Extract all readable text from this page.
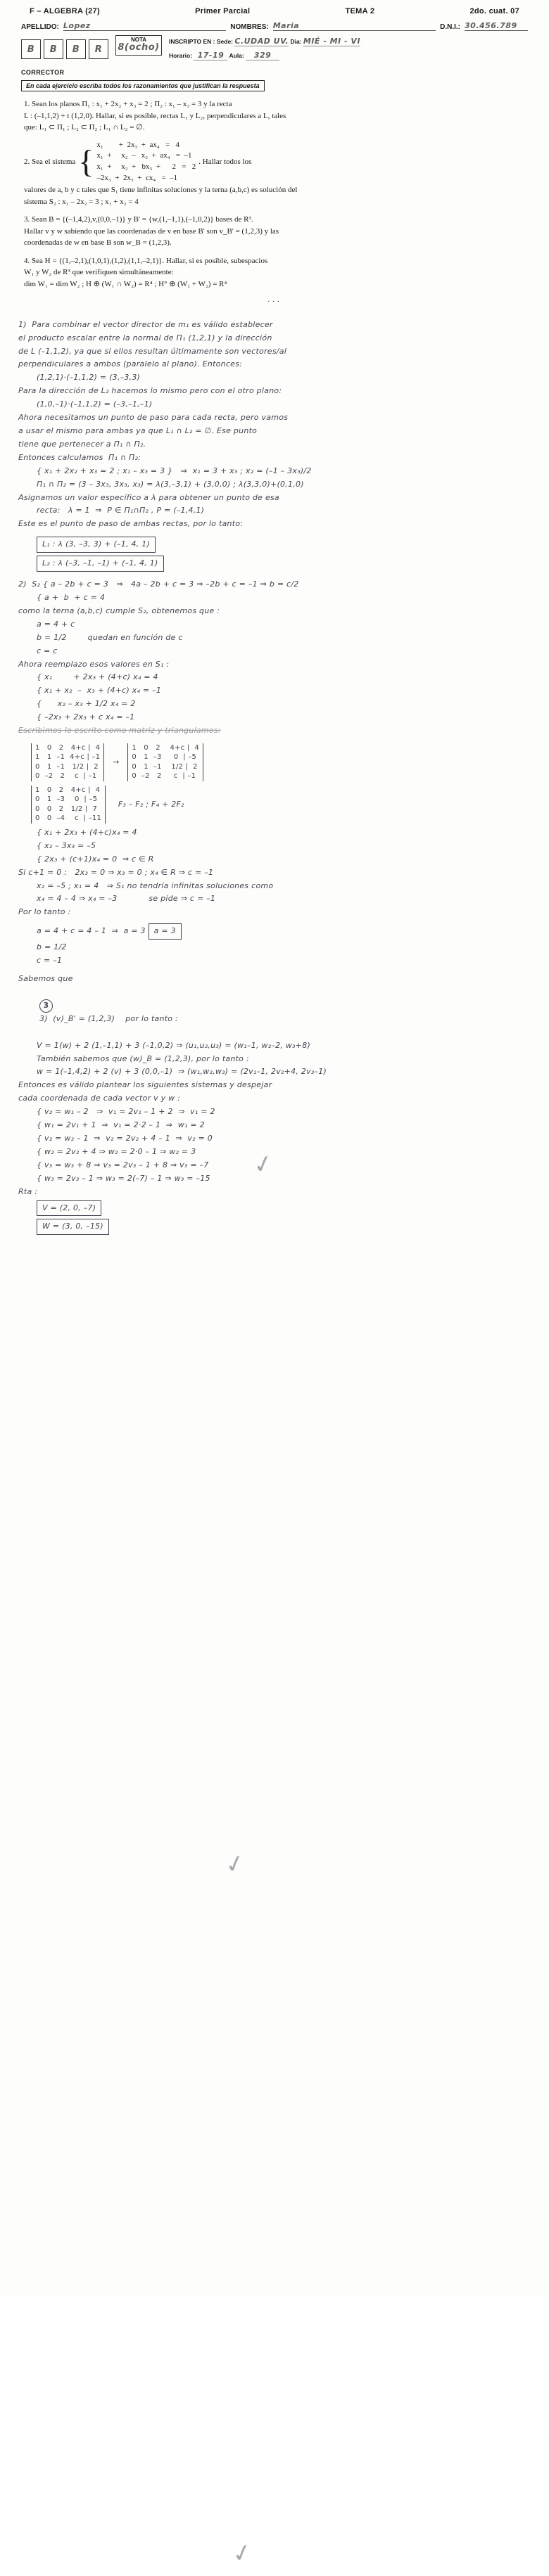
F – ALGEBRA (27)	Primer Parcial	TEMA 2	2do. cuat. 07
APELLIDO: Lopez	NOMBRES: Maria	D.N.I.: 30.456.789
B B B R
NOTA
8(ocho)
INSCRIPTO EN : Sede: C.UDAD UV. Dia: MIÉ - MI - VI
Horario: 17-19 Aula: 329
CORRECTOR
En cada ejercicio escriba todos los razonamientos que justifican la respuesta
1. Sean los planos Π₁ : x₁ + 2x₂ + x₃ = 2 ; Π₂ : x₁ – x₃ = 3 y la recta
L : (–1,1,2) + t (1,2,0). Hallar, si es posible, rectas L₁ y L₂, perpendiculares a L, tales
que: L₁ ⊂ Π₁ ; L₂ ⊂ Π₂ ; L₁ ∩ L₂ = ∅.
2. Sea el sistema { x₁        +  2x₃  +  ax₄   =   4
x₁  +     x₂  –   x₃  +  ax₄   =  –1
x₁  +     x₂  +   bx₃  +      2   =   2
–2x₃  +  2x₃  +  cx₄   =  –1
. Hallar todos los
valores de a, b y c tales que S₁ tiene infinitas soluciones y la terna (a,b,c) es solución del
sistema S₂ : x₁ – 2x₂ = 3 ; x₁ + x₂ = 4
3. Sean B = {(–1,4,2),v,(0,0,–1)} y B' = {w,(1,–1,1),(–1,0,2)} bases de R³.
Hallar v y w sabiendo que las coordenadas de v en base B' son v_B' = (1,2,3) y las
coordenadas de w en base B son w_B = (1,2,3).
4. Sea H = {(1,–2,1),(1,0,1),(1,2),(1,1,–2,1)}. Hallar, si es posible, subespacios
W₁ y W₂ de R³ que verifiquen simultáneamente:
dim W₁ = dim W₂ ; H ⊕ (W₁ ∩ W₂) = R⁴ ; H° ⊕ (W₁ + W₂) = R⁴
···
1)  Para combinar el vector director de m₁ es válido establecer
el producto escalar entre la normal de Π₁ (1,2,1) y la dirección
de L (–1,1,2), ya que si ellos resultan últimamente son vectores/al
perpendiculares a ambos (paralelo al plano). Entonces:
(1,2,1)·(–1,1,2) = (3,–3,3)
Para la dirección de L₂ hacemos lo mismo pero con el otro plano:
(1,0,–1)·(–1,1,2) = (–3,–1,–1)
Ahora necesitamos un punto de paso para cada recta, pero vamos
a usar el mismo para ambas ya que L₁ ∩ L₂ = ∅. Ese punto
tiene que pertenecer a Π₁ ∩ Π₂.
Entonces calculamos  Π₁ ∩ Π₂:
{ x₁ + 2x₂ + x₃ = 2 ; x₁ – x₃ = 3 }   ⇒  x₁ = 3 + x₃ ; x₂ = (–1 – 3x₃)/2
Π₁ ∩ Π₂ = (3 – 3x₃, 3x₃, x₃) = λ(3,–3,1) + (3,0,0) ; λ(3,3,0)+(0,1,0)
Asignamos un valor específico a λ para obtener un punto de esa
recta:   λ = 1  ⇒  P ∈ Π₁∩Π₂ , P = (–1,4,1)
Este es el punto de paso de ambas rectas, por lo tanto:
L₁ : λ (3, –3, 3) + (–1, 4, 1)
L₂ : λ (–3, –1, –1) + (–1, 4, 1)
✓
2)  S₂ { a – 2b + c = 3   ⇒   4a – 2b + c = 3 ⇒ –2b + c = –1 ⇒ b = c/2
{ a +  b  + c = 4
como la terna (a,b,c) cumple S₂, obtenemos que :
a = 4 + c
b = 1/2        quedan en función de c
c = c
Ahora reemplazo esos valores en S₁ :
{ x₁        + 2x₃ + (4+c) x₄ = 4
{ x₁ + x₂  –  x₃ + (4+c) x₄ = –1
{      x₂ – x₃ + 1/2 x₄ = 2
{ –2x₃ + 2x₃ + c x₄ = –1
Escribimos lo escrito como matriz y triangulamos:
1   0   2   4+c |  4
1   1  –1  4+c | –1
0   1  –1   1/2 |  2
0  –2   2    c  | –1
→
1   0   2    4+c |  4
0   1  –3     0  | –5
0   1  –1    1/2 |  2
0  –2   2     c  | –1
1   0   2   4+c |  4
0   1  –3    0  | –5
0   0   2   1/2 |  7
0   0  –4    c  | –11
F₃ – F₂ ; F₄ + 2F₂
{ x₁ + 2x₃ + (4+c)x₄ = 4
{ x₂ – 3x₃ = –5
{ 2x₃ + (c+1)x₄ = 0  ⇒ c ∈ R
Si c+1 = 0 :   2x₃ = 0 ⇒ x₃ = 0 ; x₄ ∈ R ⇒ c = –1
x₂ = –5 ; x₁ = 4   ⇒ S₁ no tendría infinitas soluciones como
x₄ = 4 – 4 ⇒ x₄ = –3            se pide ⇒ c = –1
Por lo tanto :
a = 4 + c = 4 – 1  ⇒  a = 3 a = 3
b = 1/2
c = –1
✓
Sabemos que

3
3)  (v)_B' = (1,2,3)    por lo tanto :

V = 1(w) + 2 (1,–1,1) + 3 (–1,0,2) ⇒ (u₁,u₂,u₃) = (w₁–1, w₂–2, w₃+8)
También sabemos que (w)_B = (1,2,3), por lo tanto :
w = 1(–1,4,2) + 2 (v) + 3 (0,0,–1)  ⇒ (w₁,w₂,w₃) = (2v₁–1, 2v₂+4, 2v₃–1)
Entonces es válido plantear los siguientes sistemas y despejar
cada coordenada de cada vector v y w :
{ v₂ = w₁ – 2   ⇒  v₁ = 2v₁ – 1 + 2  ⇒  v₁ = 2
{ w₁ = 2v₁ + 1  ⇒  v₁ = 2·2 – 1  ⇒  w₁ = 2
{ v₂ = w₂ – 1  ⇒  v₂ = 2v₂ + 4 – 1  ⇒  v₂ = 0
{ w₂ = 2v₂ + 4 ⇒ w₂ = 2·0 – 1 ⇒ w₂ = 3
{ v₃ = w₃ + 8 ⇒ v₃ = 2v₃ – 1 + 8 ⇒ v₃ = –7
{ w₃ = 2v₃ – 1 ⇒ w₃ = 2(–7) – 1 ⇒ w₃ = –15
Rta :
V = (2, 0, –7)
W = (3, 0, –15)
✓
